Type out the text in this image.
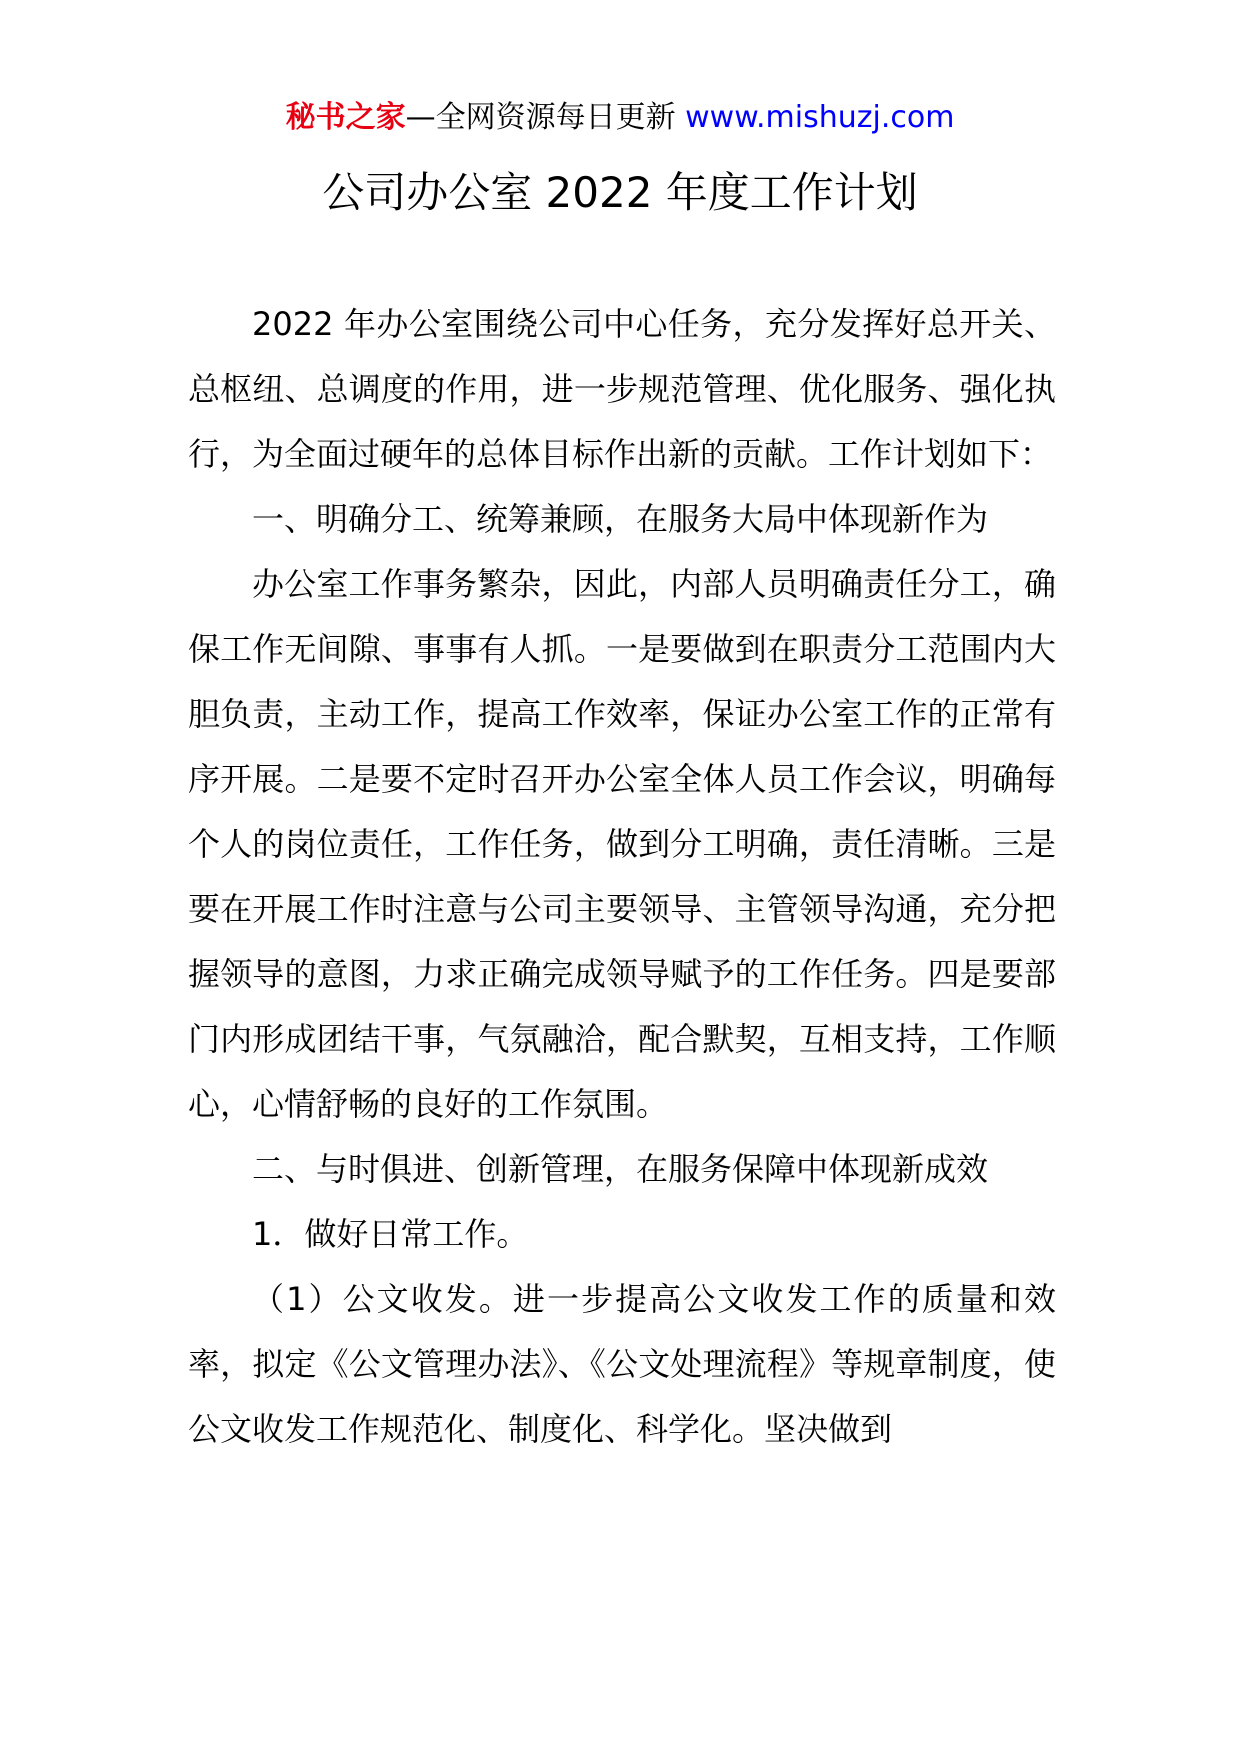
秘书之家—全网资源每日更新 www.mishuzj.com
公司办公室 2022 年度工作计划

2022 年办公室围绕公司中心任务，充分发挥好总开关、总枢纽、总调度的作用，进一步规范管理、优化服务、强化执行，为全面过硬年的总体目标作出新的贡献。工作计划如下：

一、明确分工、统筹兼顾，在服务大局中体现新作为

办公室工作事务繁杂，因此，内部人员明确责任分工，确保工作无间隙、事事有人抓。一是要做到在职责分工范围内大胆负责，主动工作，提高工作效率，保证办公室工作的正常有序开展。二是要不定时召开办公室全体人员工作会议，明确每个人的岗位责任，工作任务，做到分工明确，责任清晰。三是要在开展工作时注意与公司主要领导、主管领导沟通，充分把握领导的意图，力求正确完成领导赋予的工作任务。四是要部门内形成团结干事，气氛融洽，配合默契，互相支持，工作顺心，心情舒畅的良好的工作氛围。

二、与时俱进、创新管理，在服务保障中体现新成效

1．做好日常工作。

（1）公文收发。进一步提高公文收发工作的质量和效率，拟定《公文管理办法》、《公文处理流程》等规章制度，使公文收发工作规范化、制度化、科学化。坚决做到
